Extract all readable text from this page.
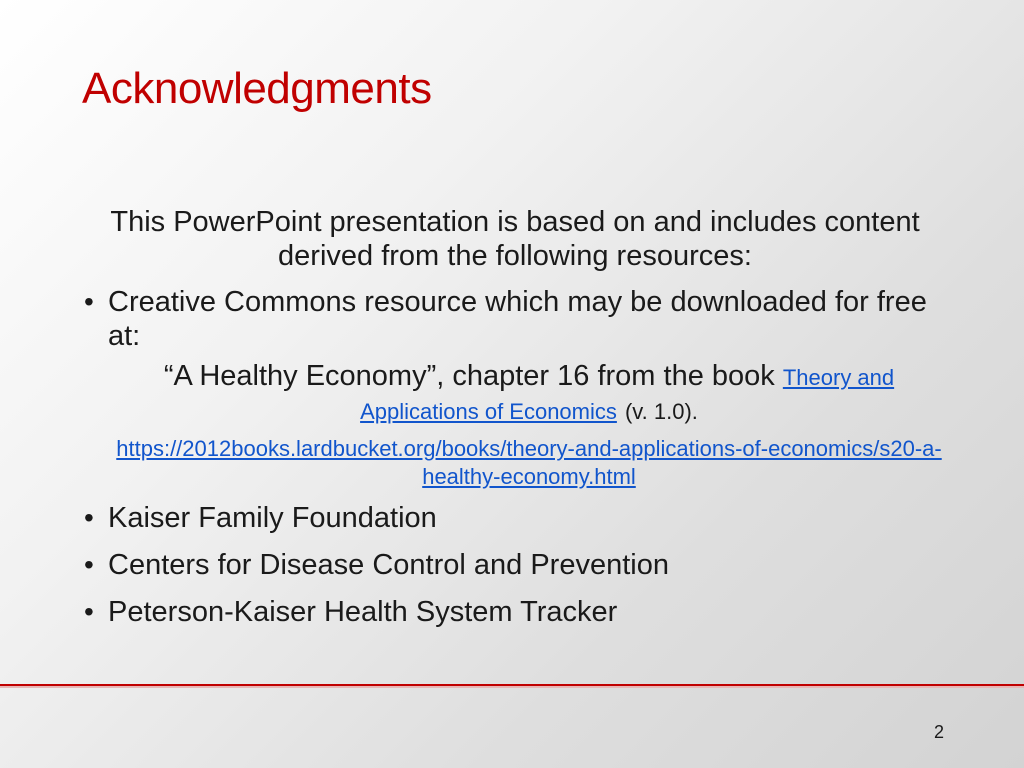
Acknowledgments

This PowerPoint presentation is based on and includes content derived from the following resources:

• Creative Commons resource which may be downloaded for free at:
“A Healthy Economy”, chapter 16 from the book Theory and Applications of Economics (v. 1.0).
https://2012books.lardbucket.org/books/theory-and-applications-of-economics/s20-a-healthy-economy.html
• Kaiser Family Foundation
• Centers for Disease Control and Prevention
• Peterson-Kaiser Health System Tracker
2
